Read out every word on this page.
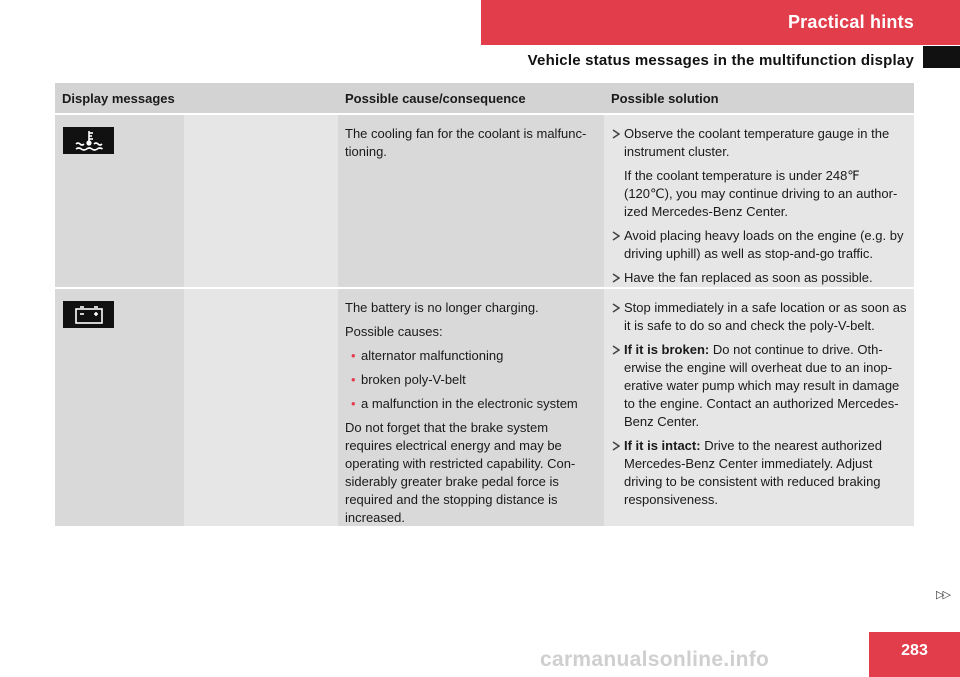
Practical hints
Vehicle status messages in the multifunction display
Display messages	Possible cause/consequence	Possible solution

The cooling fan for the coolant is malfunc-tioning.

Observe the coolant temperature gauge in the instrument cluster.

If the coolant temperature is under 248℉ (120℃), you may continue driving to an author-ized Mercedes-Benz Center.

Avoid placing heavy loads on the engine (e.g. by driving uphill) as well as stop-and-go traffic.

Have the fan replaced as soon as possible.

The battery is no longer charging.

Possible causes:

• alternator malfunctioning
• broken poly-V-belt
• a malfunction in the electronic system

Do not forget that the brake system requires electrical energy and may be operating with restricted capability. Con-siderably greater brake pedal force is required and the stopping distance is increased.

Stop immediately in a safe location or as soon as it is safe to do so and check the poly-V-belt.

If it is broken: Do not continue to drive. Oth-erwise the engine will overheat due to an inop-erative water pump which may result in damage to the engine. Contact an authorized Mercedes-Benz Center.

If it is intact: Drive to the nearest authorized Mercedes-Benz Center immediately. Adjust driving to be consistent with reduced braking responsiveness.

▷▷
283
carmanualsonline.info
